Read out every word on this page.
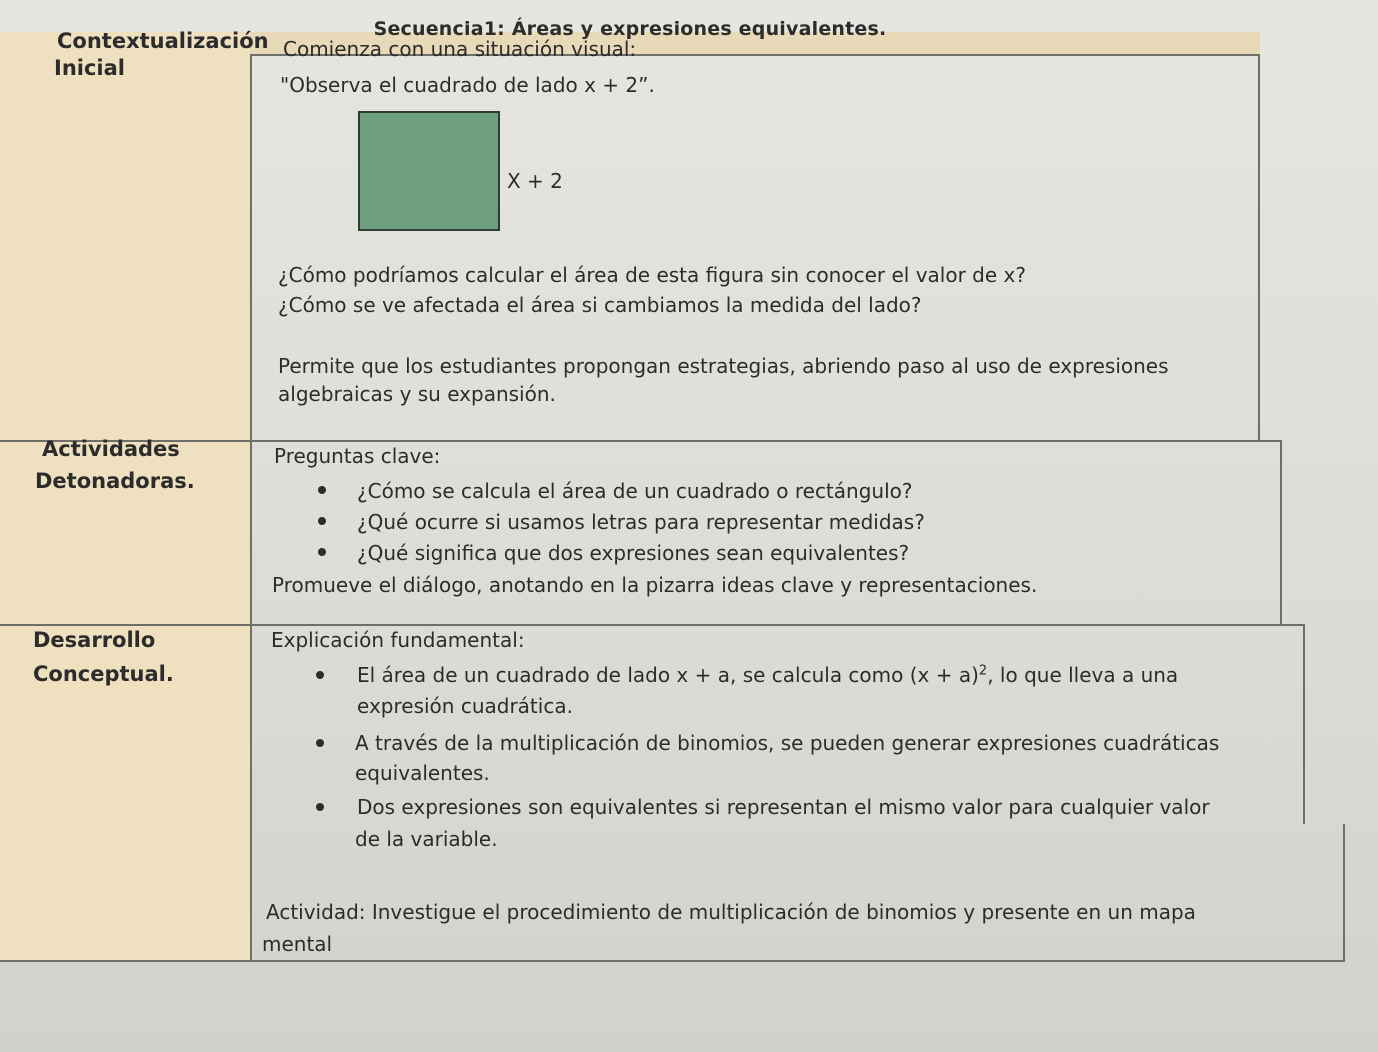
Secuencia1: Áreas y expresiones equivalentes.
Contextualización
Inicial
Comienza con una situación visual:
"Observa el cuadrado de lado x + 2”.
X + 2
¿Cómo podríamos calcular el área de esta figura sin conocer el valor de x?
¿Cómo se ve afectada el área si cambiamos la medida del lado?
Permite que los estudiantes propongan estrategias, abriendo paso al uso de expresiones
algebraicas y su expansión.
Actividades
Detonadoras.
Preguntas clave:
¿Cómo se calcula el área de un cuadrado o rectángulo?
¿Qué ocurre si usamos letras para representar medidas?
¿Qué significa que dos expresiones sean equivalentes?
Promueve el diálogo, anotando en la pizarra ideas clave y representaciones.
Desarrollo
Conceptual.
Explicación fundamental:
El área de un cuadrado de lado x + a, se calcula como $(x + a)^2$, lo que lleva a una
expresión cuadrática.
A través de la multiplicación de binomios, se pueden generar expresiones cuadráticas
equivalentes.
Dos expresiones son equivalentes si representan el mismo valor para cualquier valor
de la variable.
Actividad: Investigue el procedimiento de multiplicación de binomios y presente en un mapa
mental
